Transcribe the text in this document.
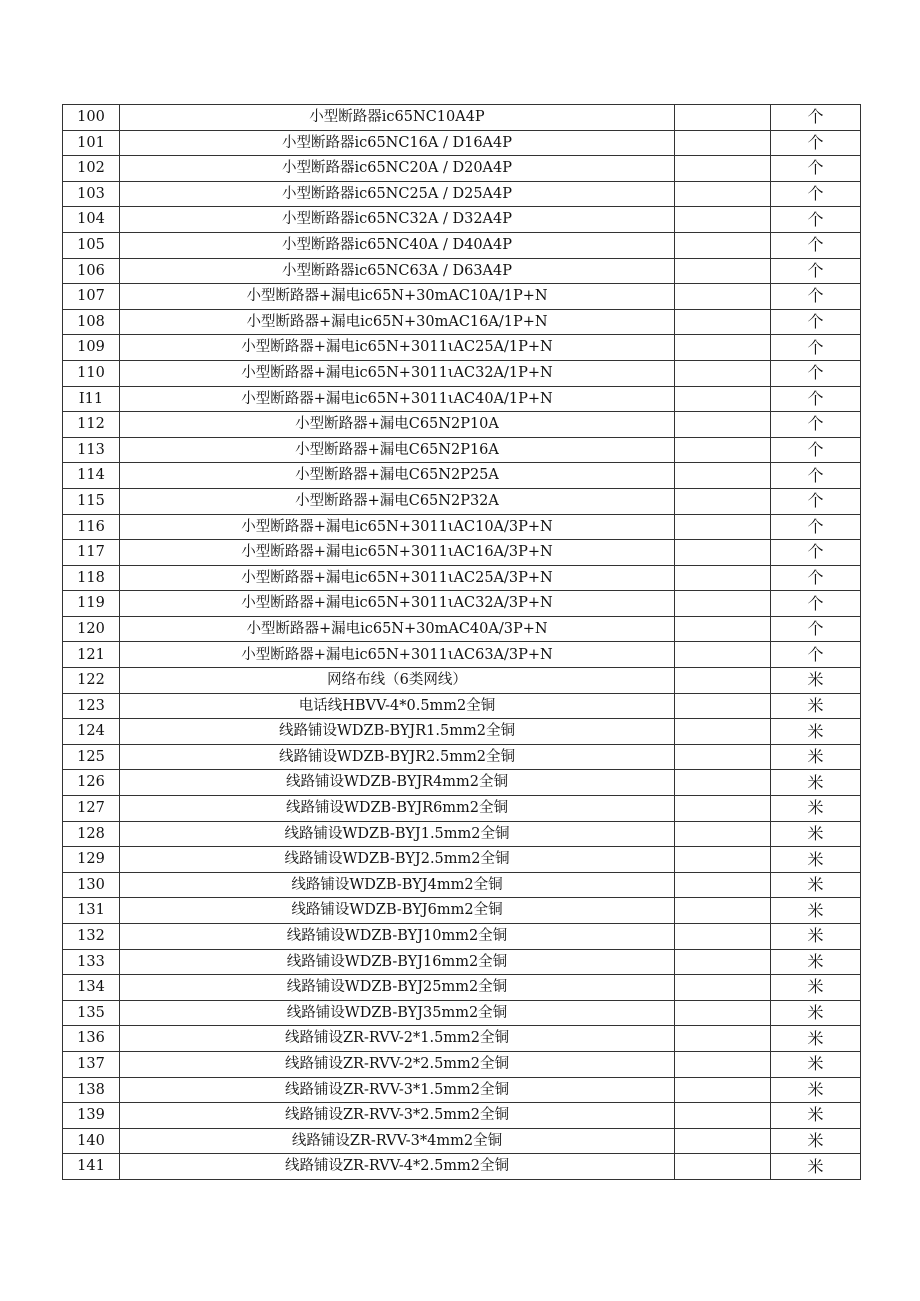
100	小型断路器ic65NC10A4P		个
101	小型断路器ic65NC16A / D16A4P		个
102	小型断路器ic65NC20A / D20A4P		个
103	小型断路器ic65NC25A / D25A4P		个
104	小型断路器ic65NC32A / D32A4P		个
105	小型断路器ic65NC40A / D40A4P		个
106	小型断路器ic65NC63A / D63A4P		个
107	小型断路器+漏电ic65N+30mAC10A/1P+N		个
108	小型断路器+漏电ic65N+30mAC16A/1P+N		个
109	小型断路器+漏电ic65N+3011ιAC25A/1P+N		个
110	小型断路器+漏电ic65N+3011ιAC32A/1P+N		个
I11	小型断路器+漏电ic65N+3011ιAC40A/1P+N		个
112	小型断路器+漏电C65N2P10A		个
113	小型断路器+漏电C65N2P16A		个
114	小型断路器+漏电C65N2P25A		个
115	小型断路器+漏电C65N2P32A		个
116	小型断路器+漏电ic65N+3011ιAC10A/3P+N		个
117	小型断路器+漏电ic65N+3011ιAC16A/3P+N		个
118	小型断路器+漏电ic65N+3011ιAC25A/3P+N		个
119	小型断路器+漏电ic65N+3011ιAC32A/3P+N		个
120	小型断路器+漏电ic65N+30mAC40A/3P+N		个
121	小型断路器+漏电ic65N+3011ιAC63A/3P+N		个
122	网络布线（6类网线）		米
123	电话线HBVV-4*0.5mm2全铜		米
124	线路铺设WDZB-BYJR1.5mm2全铜		米
125	线路铺设WDZB-BYJR2.5mm2全铜		米
126	线路铺设WDZB-BYJR4mm2全铜		米
127	线路铺设WDZB-BYJR6mm2全铜		米
128	线路铺设WDZB-BYJ1.5mm2全铜		米
129	线路铺设WDZB-BYJ2.5mm2全铜		米
130	线路铺设WDZB-BYJ4mm2全铜		米
131	线路铺设WDZB-BYJ6mm2全铜		米
132	线路铺设WDZB-BYJ10mm2全铜		米
133	线路铺设WDZB-BYJ16mm2全铜		米
134	线路铺设WDZB-BYJ25mm2全铜		米
135	线路铺设WDZB-BYJ35mm2全铜		米
136	线路铺设ZR-RVV-2*1.5mm2全铜		米
137	线路铺设ZR-RVV-2*2.5mm2全铜		米
138	线路铺设ZR-RVV-3*1.5mm2全铜		米
139	线路铺设ZR-RVV-3*2.5mm2全铜		米
140	线路铺设ZR-RVV-3*4mm2全铜		米
141	线路铺设ZR-RVV-4*2.5mm2全铜		米
